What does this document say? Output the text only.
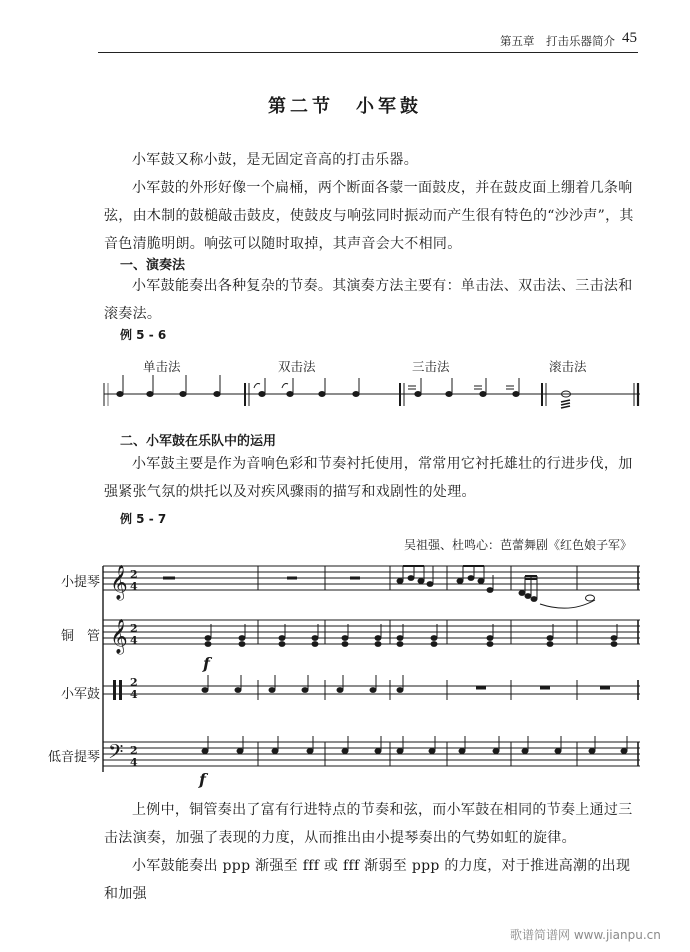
第五章　打击乐器简介 45
第二节　小军鼓
小军鼓又称小鼓，是无固定音高的打击乐器。
小军鼓的外形好像一个扁桶，两个断面各蒙一面鼓皮，并在鼓皮面上绷着几条响弦，由木制的鼓槌敲击鼓皮，使鼓皮与响弦同时振动而产生很有特色的“沙沙声”，其音色清脆明朗。响弦可以随时取掉，其声音会大不相同。
一、演奏法
小军鼓能奏出各种复杂的节奏。其演奏方法主要有：单击法、双击法、三击法和滚奏法。
例 5 - 6
单击法	双击法	三击法	滚击法
𝄞 2
4
𝄞 2
4
2
4
𝄢 2
4
f
f
二、小军鼓在乐队中的运用
小军鼓主要是作为音响色彩和节奏衬托使用，常常用它衬托雄壮的行进步伐，加强紧张气氛的烘托以及对疾风骤雨的描写和戏剧性的处理。
例 5 - 7
吴祖强、杜鸣心：芭蕾舞剧《红色娘子军》
小提琴
铜　管
小军鼓
低音提琴
上例中，铜管奏出了富有行进特点的节奏和弦，而小军鼓在相同的节奏上通过三击法演奏，加强了表现的力度，从而推出由小提琴奏出的气势如虹的旋律。
小军鼓能奏出 ppp 渐强至 fff 或 fff 渐弱至 ppp 的力度，对于推进高潮的出现和加强
歌谱简谱网 www.jianpu.cn
